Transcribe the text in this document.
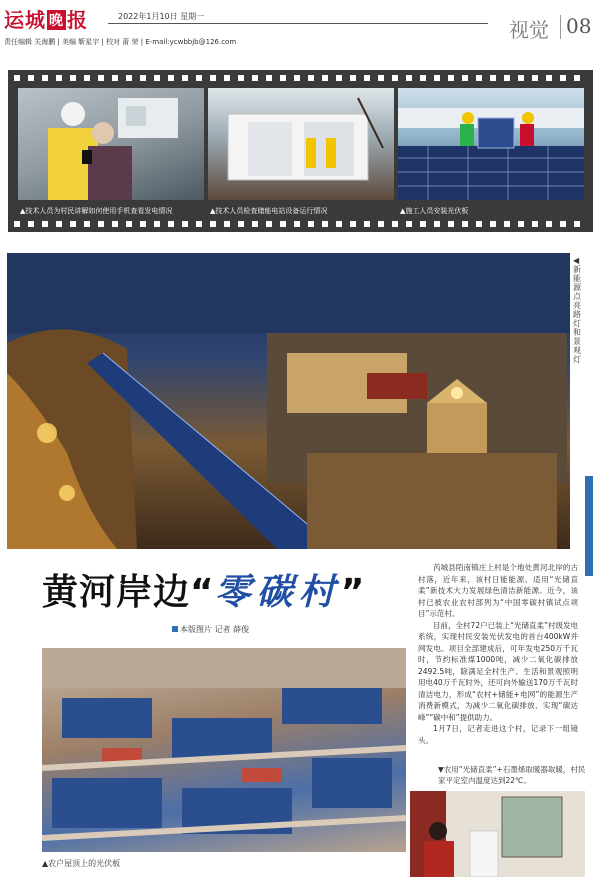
运城 晚 报	2022年1月10日 星期一
责任编辑 关海鹏 | 美编 靳星宇 | 校对 莆 荣 | E-mail:ycwbbjb@126.com	视觉 08
▲技术人员为村民讲解如何使用手机查看发电情况	▲技术人员检查储能电站设备运行情况	▲施工人员安装光伏板
◀新能源点亮路灯和景观灯
黄河岸边“零碳村”
本版图片 记者 薛俊

芮城县陌南镇庄上村是个地处黄河北岸的古村落，近年来，该村日能能源、适用“光储直柔”新技术大力发展绿色清洁新能源。近今，该村已被农业农村部列为“中国零碳村镇试点项目”示范村。

目前，全村72户已装上“光储直柔”村级发电系统，实现村民安装光伏发电的首台400kW并网发电。项目全部建成后，可年发电250万千瓦时，节约标准煤1000吨，减少二氧化碳排放2492.5吨，除满足全村生产、生活和景观照明用电40万千瓦时外，还可向外输送170万千瓦时清洁电力，形成“农村+储能+电网”的能源生产消费新模式，为减少二氧化碳排放、实现“碳达峰”“碳中和”提供助力。

1月7日，记者走进这个村，记录下一组镜头。

▲农户屋顶上的光伏板
▼农用“光储直柔”+石墨烯取暖器取暖，村民家平定室内温度达到22℃。
